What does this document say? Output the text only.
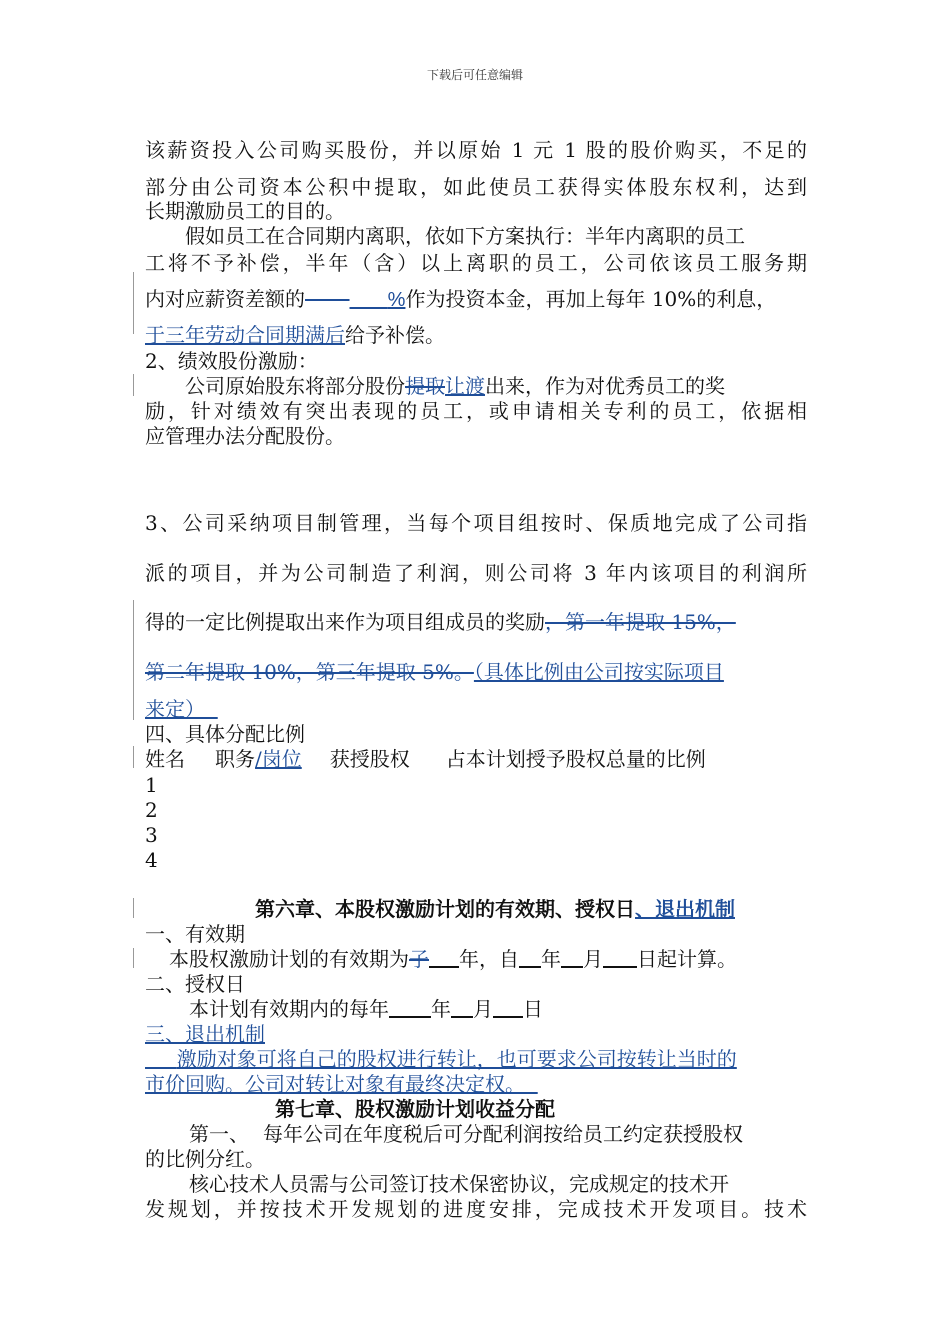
下载后可任意编辑
该薪资投入公司购买股份，并以原始 1 元 1 股的股价购买，不足的
部分由公司资本公积中提取，如此使员工获得实体股东权利，达到
长期激励员工的目的。
假如员工在合同期内离职，依如下方案执行：半年内离职的员工
工将不予补偿，半年（含）以上离职的员工，公司依该员工服务期
内对应薪资差额的	%作为投资本金，再加上每年 10%的利息，
于三年劳动合同期满后给予补偿。
2、绩效股份激励：
公司原始股东将部分股份提取让渡出来，作为对优秀员工的奖
励，针对绩效有突出表现的员工，或申请相关专利的员工，依据相
应管理办法分配股份。
3、公司采纳项目制管理，当每个项目组按时、保质地完成了公司指
派的项目，并为公司制造了利润，则公司将 3 年内该项目的利润所
得的一定比例提取出来作为项目组成员的奖励，第一年提取 15%，
第二年提取 10%，第三年提取 5%。（具体比例由公司按实际项目
来定）
四、具体分配比例
姓名 职务/岗位 获授股权 占本计划授予股权总量的比例
1
2
3
4
第六章、本股权激励计划的有效期、授权日、退出机制
一、有效期
本股权激励计划的有效期为子 年，自 年 月 日起计算。
二、授权日
本计划有效期内的每年 年 月 日
三、退出机制
激励对象可将自己的股权进行转让，也可要求公司按转让当时的
市价回购。公司对转让对象有最终决定权。
第七章、股权激励计划收益分配
第一、 每年公司在年度税后可分配利润按给员工约定获授股权
的比例分红。
核心技术人员需与公司签订技术保密协议，完成规定的技术开
发规划，并按技术开发规划的进度安排，完成技术开发项目。技术
